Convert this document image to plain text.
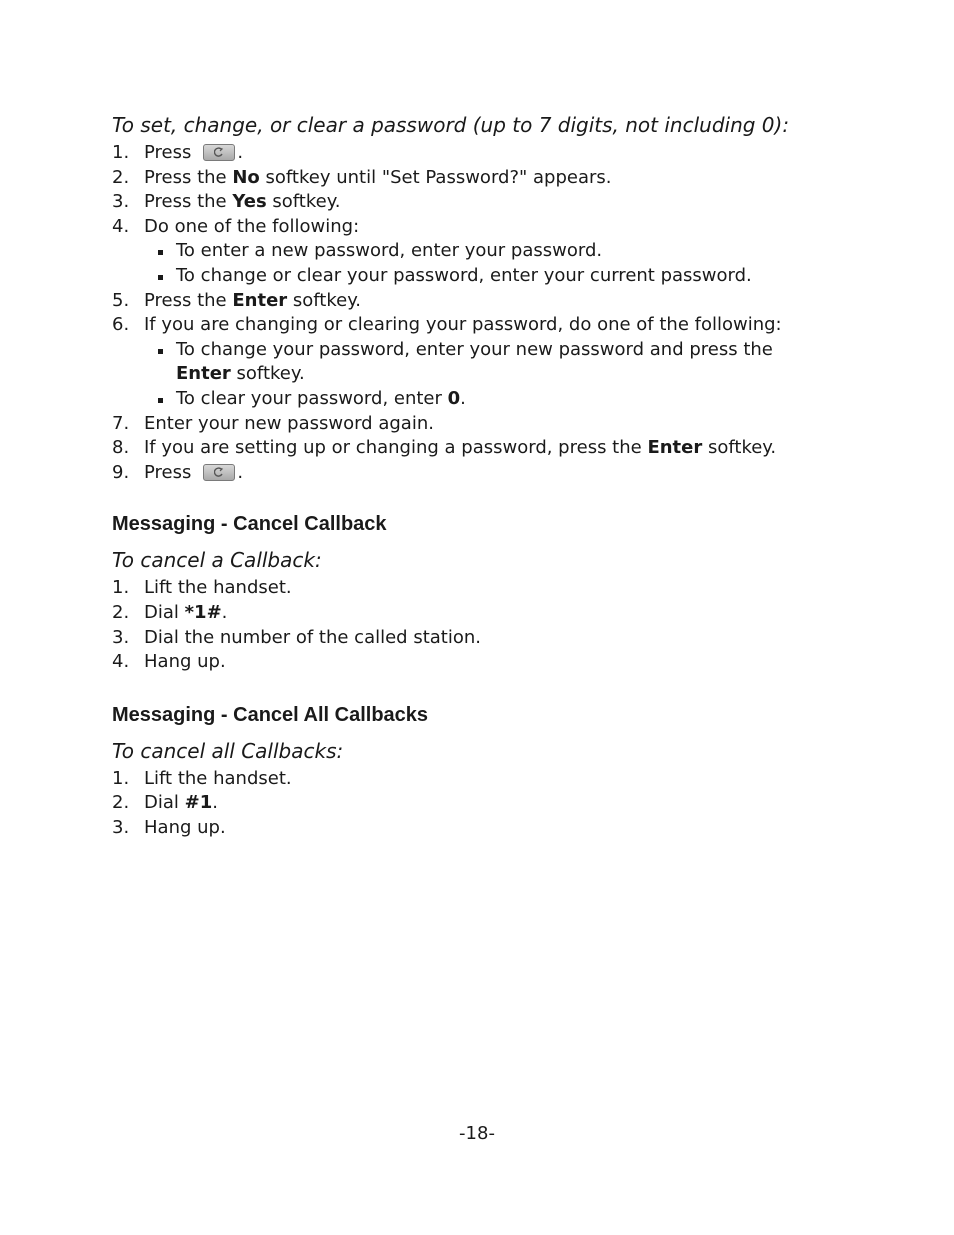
To set, change, or clear a password (up to 7 digits, not including 0):

1. Press	.
2. Press the No softkey until "Set Password?" appears.
3. Press the Yes softkey.
4. Do one of the following:
To enter a new password, enter your password.
To change or clear your password, enter your current password.
5. Press the Enter softkey.
6. If you are changing or clearing your password, do one of the following:
To change your password, enter your new password and press the Enter softkey.
To clear your password, enter 0.
7. Enter your new password again.
8. If you are setting up or changing a password, press the Enter softkey.
9. Press	.
Messaging - Cancel Callback

To cancel a Callback:

1. Lift the handset.
2. Dial *1#.
3. Dial the number of the called station.
4. Hang up.
Messaging - Cancel All Callbacks

To cancel all Callbacks:

1. Lift the handset.
2. Dial #1.
3. Hang up.
-18-
